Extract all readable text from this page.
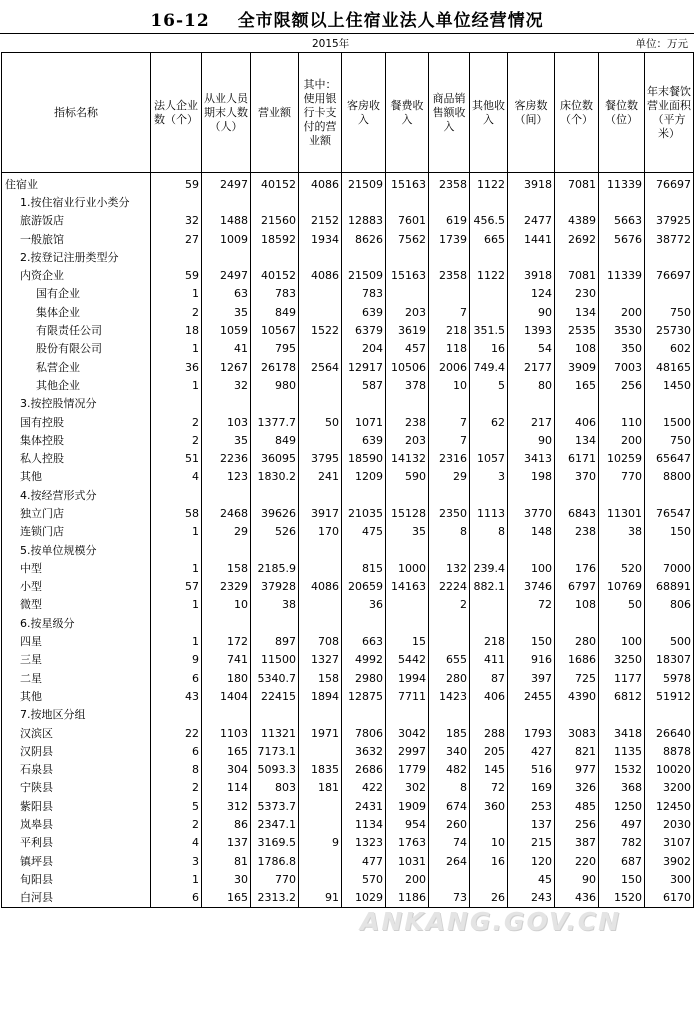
16-12 全市限额以上住宿业法人单位经营情况
2015年	单位：万元
指标名称	法人企业数（个）	从业人员期末人数（人）	营业额	其中：使用银行卡支付的营业额	客房收入	餐费收入	商品销售额收入	其他收入	客房数（间）	床位数（个）	餐位数（位）	年末餐饮营业面积（平方米）
住宿业	59	2497	40152	4086	21509	15163	2358	1122	3918	7081	11339	76697
1.按住宿业行业小类分												
旅游饭店	32	1488	21560	2152	12883	7601	619	456.5	2477	4389	5663	37925
一般旅馆	27	1009	18592	1934	8626	7562	1739	665	1441	2692	5676	38772
2.按登记注册类型分												
内资企业	59	2497	40152	4086	21509	15163	2358	1122	3918	7081	11339	76697
国有企业	1	63	783		783				124	230		
集体企业	2	35	849		639	203	7		90	134	200	750
有限责任公司	18	1059	10567	1522	6379	3619	218	351.5	1393	2535	3530	25730
股份有限公司	1	41	795		204	457	118	16	54	108	350	602
私营企业	36	1267	26178	2564	12917	10506	2006	749.4	2177	3909	7003	48165
其他企业	1	32	980		587	378	10	5	80	165	256	1450
3.按控股情况分												
国有控股	2	103	1377.7	50	1071	238	7	62	217	406	110	1500
集体控股	2	35	849		639	203	7		90	134	200	750
私人控股	51	2236	36095	3795	18590	14132	2316	1057	3413	6171	10259	65647
其他	4	123	1830.2	241	1209	590	29	3	198	370	770	8800
4.按经营形式分												
独立门店	58	2468	39626	3917	21035	15128	2350	1113	3770	6843	11301	76547
连锁门店	1	29	526	170	475	35	8	8	148	238	38	150
5.按单位规模分												
中型	1	158	2185.9		815	1000	132	239.4	100	176	520	7000
小型	57	2329	37928	4086	20659	14163	2224	882.1	3746	6797	10769	68891
微型	1	10	38		36		2		72	108	50	806
6.按星级分												
四星	1	172	897	708	663	15		218	150	280	100	500
三星	9	741	11500	1327	4992	5442	655	411	916	1686	3250	18307
二星	6	180	5340.7	158	2980	1994	280	87	397	725	1177	5978
其他	43	1404	22415	1894	12875	7711	1423	406	2455	4390	6812	51912
7.按地区分组												
汉滨区	22	1103	11321	1971	7806	3042	185	288	1793	3083	3418	26640
汉阴县	6	165	7173.1		3632	2997	340	205	427	821	1135	8878
石泉县	8	304	5093.3	1835	2686	1779	482	145	516	977	1532	10020
宁陕县	2	114	803	181	422	302	8	72	169	326	368	3200
紫阳县	5	312	5373.7		2431	1909	674	360	253	485	1250	12450
岚皋县	2	86	2347.1		1134	954	260		137	256	497	2030
平利县	4	137	3169.5	9	1323	1763	74	10	215	387	782	3107
镇坪县	3	81	1786.8		477	1031	264	16	120	220	687	3902
旬阳县	1	30	770		570	200			45	90	150	300
白河县	6	165	2313.2	91	1029	1186	73	26	243	436	1520	6170
ANKANG.GOV.CN
